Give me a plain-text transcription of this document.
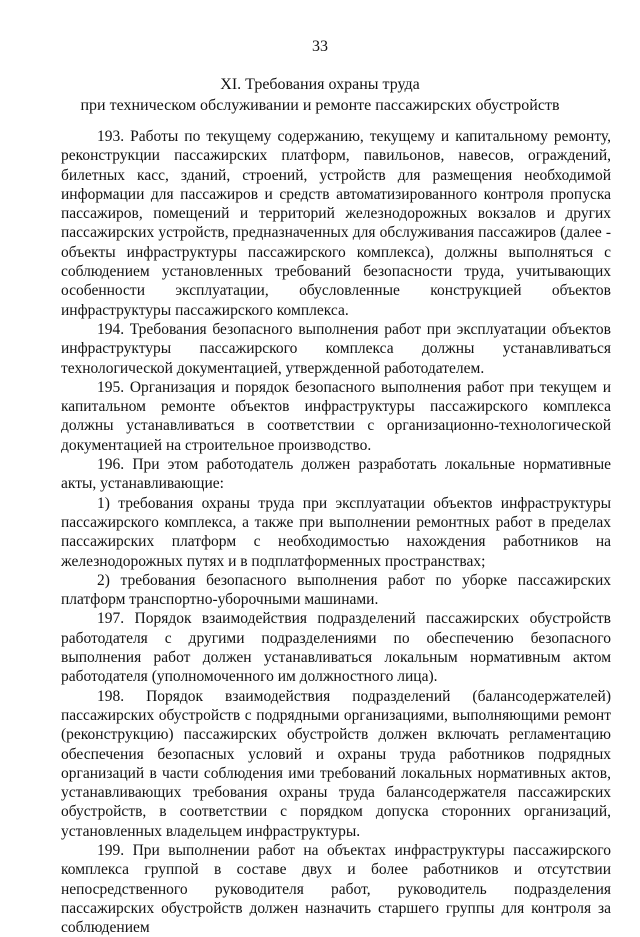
33
XI. Требования охраны труда
при техническом обслуживании и ремонте пассажирских обустройств

193. Работы по текущему содержанию, текущему и капитальному ремонту, реконструкции пассажирских платформ, павильонов, навесов, ограждений, билетных касс, зданий, строений, устройств для размещения необходимой информации для пассажиров и средств автоматизированного контроля пропуска пассажиров, помещений и территорий железнодорожных вокзалов и других пассажирских устройств, предназначенных для обслуживания пассажиров (далее - объекты инфраструктуры пассажирского комплекса), должны выполняться с соблюдением установленных требований безопасности труда, учитывающих особенности эксплуатации, обусловленные конструкцией объектов инфраструктуры пассажирского комплекса.

194. Требования безопасного выполнения работ при эксплуатации объектов инфраструктуры пассажирского комплекса должны устанавливаться технологической документацией, утвержденной работодателем.

195. Организация и порядок безопасного выполнения работ при текущем и капитальном ремонте объектов инфраструктуры пассажирского комплекса должны устанавливаться в соответствии с организационно-технологической документацией на строительное производство.

196. При этом работодатель должен разработать локальные нормативные акты, устанавливающие:

1) требования охраны труда при эксплуатации объектов инфраструктуры пассажирского комплекса, а также при выполнении ремонтных работ в пределах пассажирских платформ с необходимостью нахождения работников на железнодорожных путях и в подплатформенных пространствах;

2) требования безопасного выполнения работ по уборке пассажирских платформ транспортно-уборочными машинами.

197. Порядок взаимодействия подразделений пассажирских обустройств работодателя с другими подразделениями по обеспечению безопасного выполнения работ должен устанавливаться локальным нормативным актом работодателя (уполномоченного им должностного лица).

198. Порядок взаимодействия подразделений (балансодержателей) пассажирских обустройств с подрядными организациями, выполняющими ремонт (реконструкцию) пассажирских обустройств должен включать регламентацию обеспечения безопасных условий и охраны труда работников подрядных организаций в части соблюдения ими требований локальных нормативных актов, устанавливающих требования охраны труда балансодержателя пассажирских обустройств, в соответствии с порядком допуска сторонних организаций, установленных владельцем инфраструктуры.

199. При выполнении работ на объектах инфраструктуры пассажирского комплекса группой в составе двух и более работников и отсутствии непосредственного руководителя работ, руководитель подразделения пассажирских обустройств должен назначить старшего группы для контроля за соблюдением
